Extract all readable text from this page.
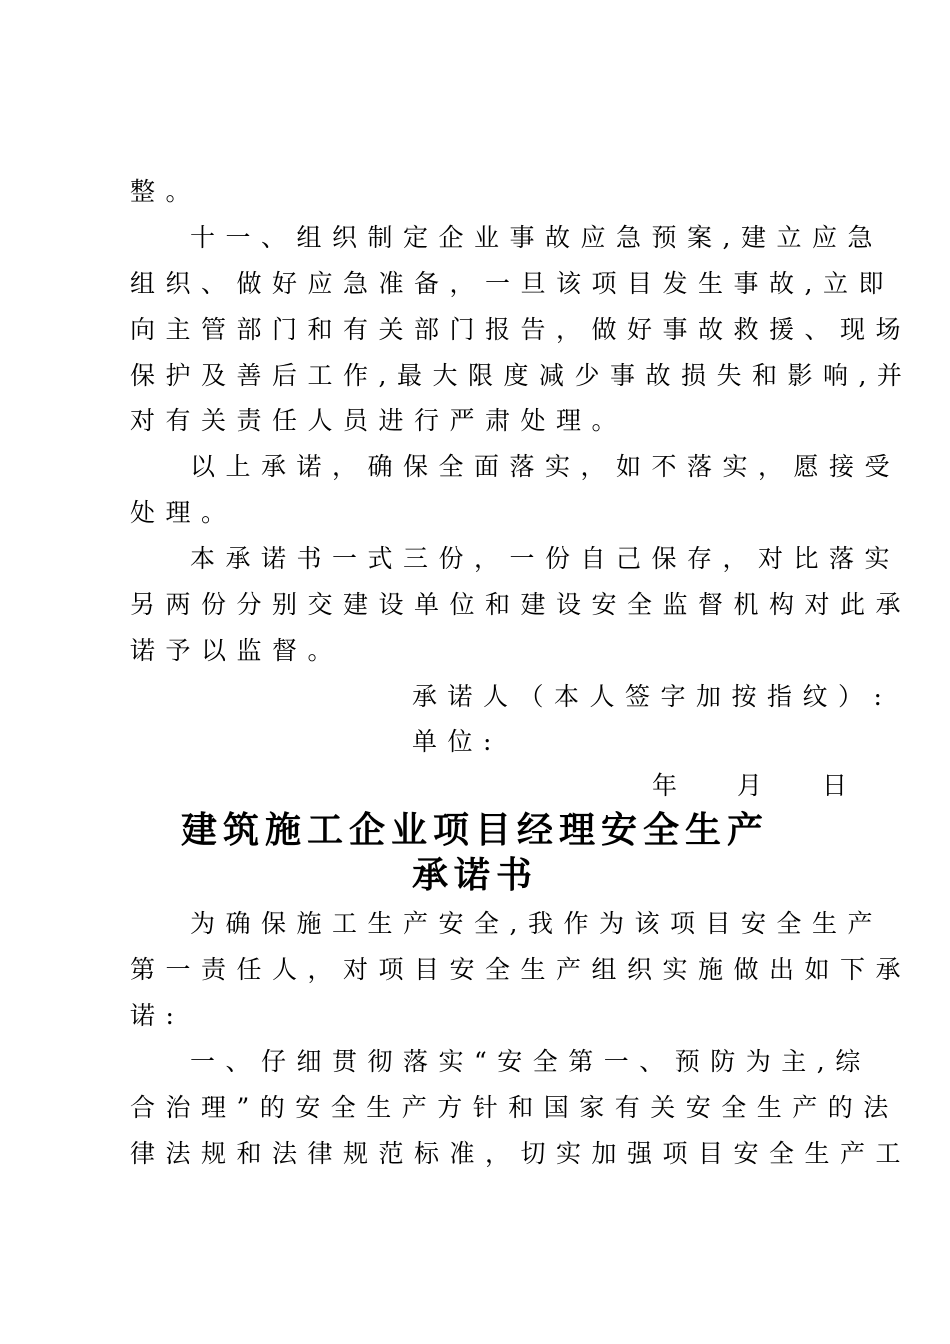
整。
十一、组织制定企业事故应急预案,建立应急
组织、做好应急准备，一旦该项目发生事故,立即
向主管部门和有关部门报告，做好事故救援、现场
保护及善后工作,最大限度减少事故损失和影响,并
对有关责任人员进行严肃处理。
以上承诺，确保全面落实，如不落实，愿接受
处理。
本承诺书一式三份，一份自己保存，对比落实
另两份分别交建设单位和建设安全监督机构对此承
诺予以监督。
承诺人（本人签字加按指纹）:
单位:
年 月 日
建筑施工企业项目经理安全生产
承诺书
为确保施工生产安全,我作为该项目安全生产
第一责任人，对项目安全生产组织实施做出如下承
诺:
一、仔细贯彻落实“安全第一、预防为主,综
合治理”的安全生产方针和国家有关安全生产的法
律法规和法律规范标准，切实加强项目安全生产工
